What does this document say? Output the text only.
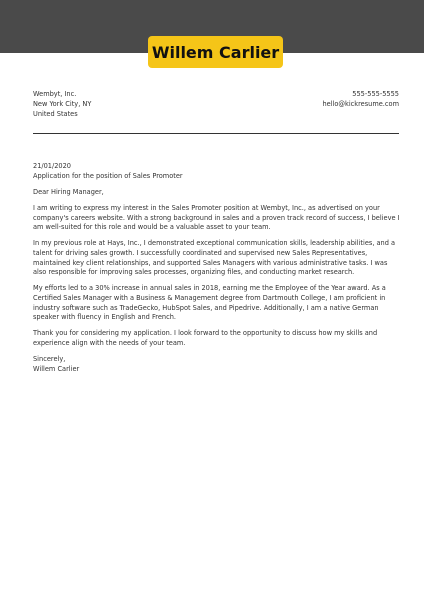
Willem Carlier
Wembyt, Inc.
New York City, NY
United States
555-555-5555
hello@kickresume.com

21/01/2020

Application for the position of Sales Promoter

Dear Hiring Manager,

I am writing to express my interest in the Sales Promoter position at Wembyt, Inc., as advertised on your company's careers website. With a strong background in sales and a proven track record of success, I believe I am well-suited for this role and would be a valuable asset to your team.

In my previous role at Hays, Inc., I demonstrated exceptional communication skills, leadership abilities, and a talent for driving sales growth. I successfully coordinated and supervised new Sales Representatives, maintained key client relationships, and supported Sales Managers with various administrative tasks. I was also responsible for improving sales processes, organizing files, and conducting market research.

My efforts led to a 30% increase in annual sales in 2018, earning me the Employee of the Year award. As a Certified Sales Manager with a Business & Management degree from Dartmouth College, I am proficient in industry software such as TradeGecko, HubSpot Sales, and Pipedrive. Additionally, I am a native German speaker with fluency in English and French.

Thank you for considering my application. I look forward to the opportunity to discuss how my skills and experience align with the needs of your team.

Sincerely,

Willem Carlier
